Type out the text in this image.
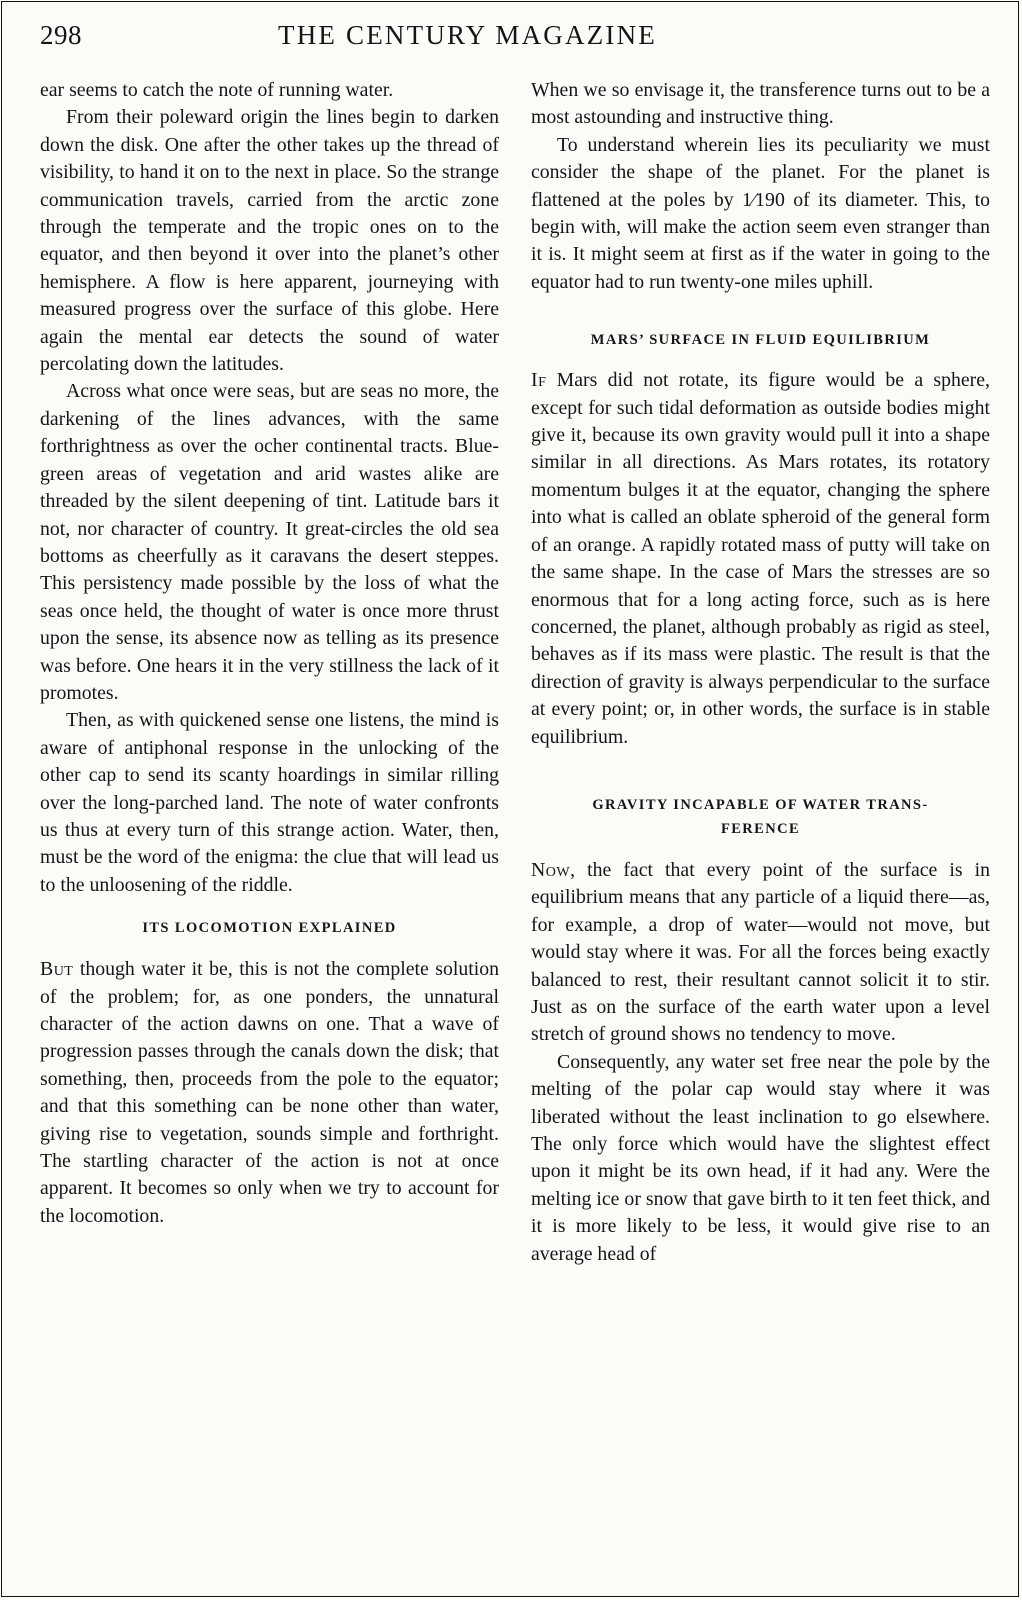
298	THE CENTURY MAGAZINE

ear seems to catch the note of running water.

From their poleward origin the lines begin to darken down the disk. One after the other takes up the thread of visibility, to hand it on to the next in place. So the strange communication travels, carried from the arctic zone through the temperate and the tropic ones on to the equator, and then beyond it over into the planet’s other hemisphere. A flow is here apparent, journeying with measured progress over the surface of this globe. Here again the mental ear detects the sound of water percolating down the latitudes.

Across what once were seas, but are seas no more, the darkening of the lines advances, with the same forthrightness as over the ocher continental tracts. Blue-green areas of vegetation and arid wastes alike are threaded by the silent deepening of tint. Latitude bars it not, nor character of country. It great-circles the old sea bottoms as cheerfully as it caravans the desert steppes. This persistency made possible by the loss of what the seas once held, the thought of water is once more thrust upon the sense, its absence now as telling as its presence was before. One hears it in the very stillness the lack of it promotes.

Then, as with quickened sense one listens, the mind is aware of antiphonal response in the unlocking of the other cap to send its scanty hoardings in similar rilling over the long-parched land. The note of water confronts us thus at every turn of this strange action. Water, then, must be the word of the enigma: the clue that will lead us to the unloosening of the riddle.

ITS LOCOMOTION EXPLAINED

But though water it be, this is not the complete solution of the problem; for, as one ponders, the unnatural character of the action dawns on one. That a wave of progression passes through the canals down the disk; that something, then, proceeds from the pole to the equator; and that this something can be none other than water, giving rise to vegetation, sounds simple and forthright. The startling character of the action is not at once apparent. It becomes so only when we try to account for the locomotion.

When we so envisage it, the transference turns out to be a most astounding and instructive thing.

To understand wherein lies its peculiarity we must consider the shape of the planet. For the planet is flattened at the poles by 1⁄190 of its diameter. This, to begin with, will make the action seem even stranger than it is. It might seem at first as if the water in going to the equator had to run twenty-one miles uphill.

MARS’ SURFACE IN FLUID EQUILIBRIUM

If Mars did not rotate, its figure would be a sphere, except for such tidal deformation as outside bodies might give it, because its own gravity would pull it into a shape similar in all directions. As Mars rotates, its rotatory momentum bulges it at the equator, changing the sphere into what is called an oblate spheroid of the general form of an orange. A rapidly rotated mass of putty will take on the same shape. In the case of Mars the stresses are so enormous that for a long acting force, such as is here concerned, the planet, although probably as rigid as steel, behaves as if its mass were plastic. The result is that the direction of gravity is always perpendicular to the surface at every point; or, in other words, the surface is in stable equilibrium.

GRAVITY INCAPABLE OF WATER TRANS-
FERENCE

Now, the fact that every point of the surface is in equilibrium means that any particle of a liquid there—as, for example, a drop of water—would not move, but would stay where it was. For all the forces being exactly balanced to rest, their resultant cannot solicit it to stir. Just as on the surface of the earth water upon a level stretch of ground shows no tendency to move.

Consequently, any water set free near the pole by the melting of the polar cap would stay where it was liberated without the least inclination to go elsewhere. The only force which would have the slightest effect upon it might be its own head, if it had any. Were the melting ice or snow that gave birth to it ten feet thick, and it is more likely to be less, it would give rise to an average head of
